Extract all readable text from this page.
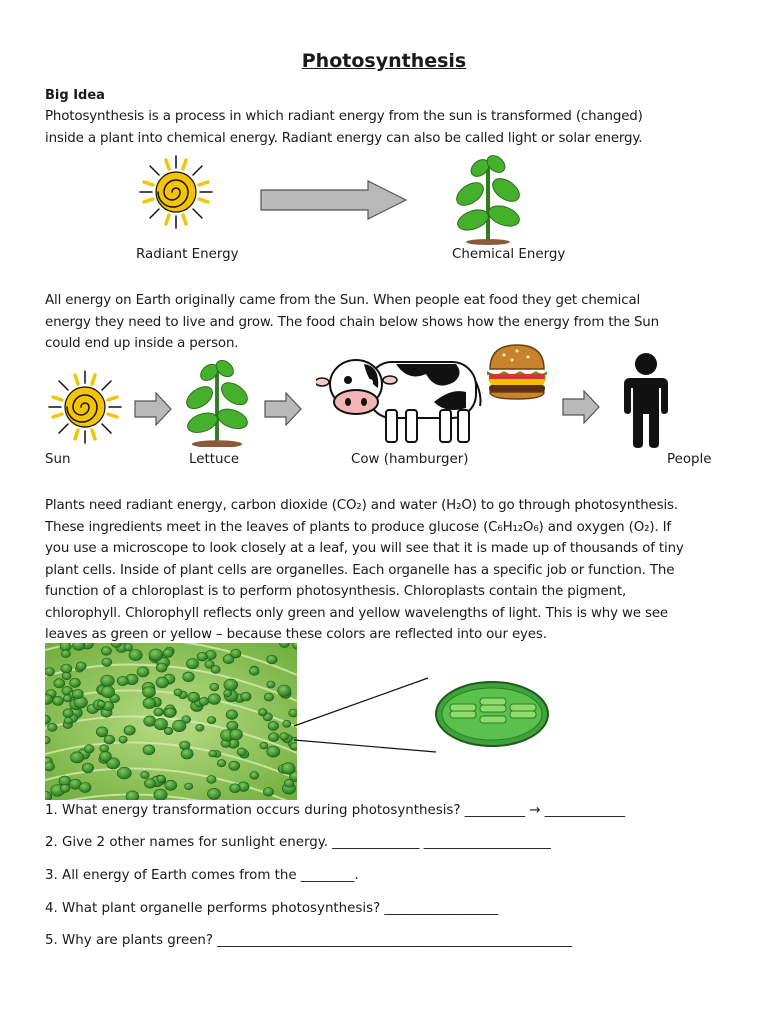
Photosynthesis
Big Idea

Photosynthesis is a process in which radiant energy from the sun is transformed (changed)

inside a plant into chemical energy. Radiant energy can also be called light or solar energy.

Radiant Energy	Chemical Energy

All energy on Earth originally came from the Sun. When people eat food they get chemical

energy they need to live and grow. The food chain below shows how the energy from the Sun

could end up inside a person.

Sun	Lettuce	Cow (hamburger)	People

Plants need radiant energy, carbon dioxide (CO₂) and water (H₂O) to go through photosynthesis.

These ingredients meet in the leaves of plants to produce glucose (C₆H₁₂O₆) and oxygen (O₂). If

you use a microscope to look closely at a leaf, you will see that it is made up of thousands of tiny

plant cells. Inside of plant cells are organelles. Each organelle has a specific job or function. The

function of a chloroplast is to perform photosynthesis. Chloroplasts contain the pigment,

chlorophyll. Chlorophyll reflects only green and yellow wavelengths of light. This is why we see

leaves as green or yellow – because these colors are reflected into our eyes.

1. What energy transformation occurs during photosynthesis? _________ → ____________
2. Give 2 other names for sunlight energy. _____________ ___________________
3. All energy of Earth comes from the ________.
4. What plant organelle performs photosynthesis? _________________
5. Why are plants green? _____________________________________________________
